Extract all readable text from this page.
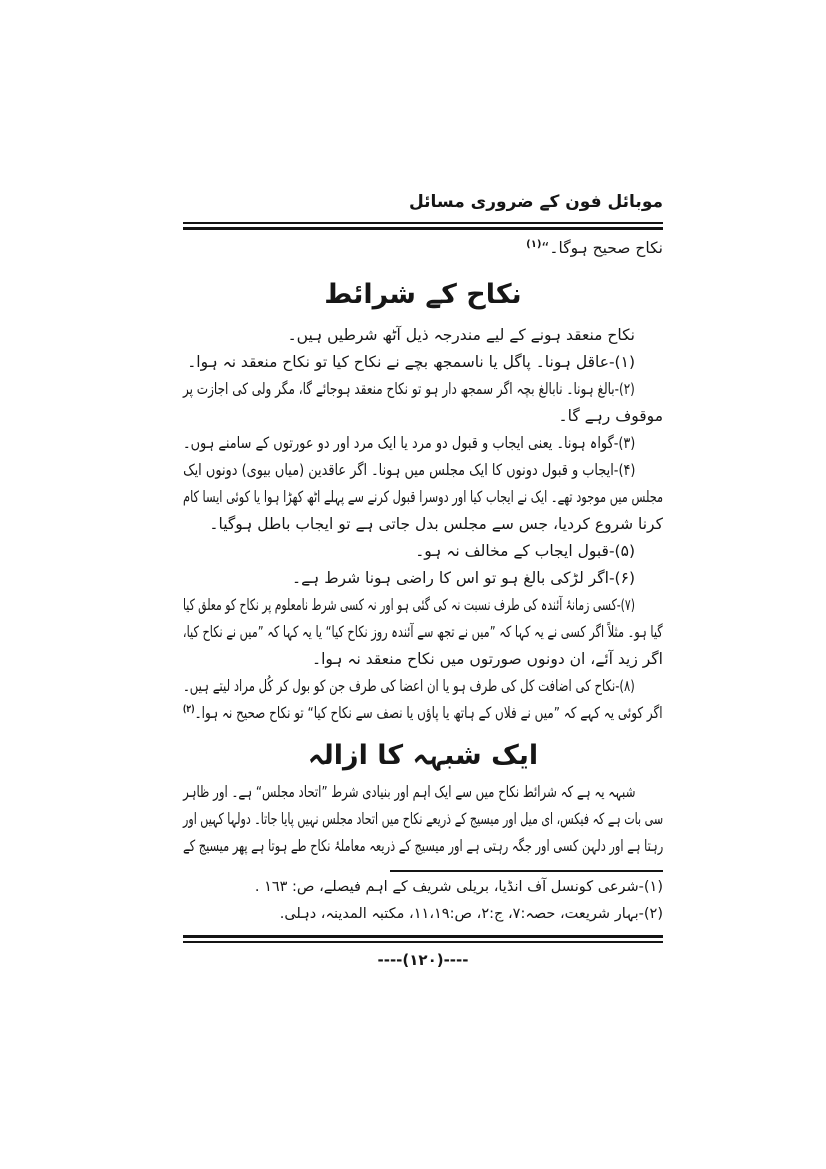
موبائل فون کے ضروری مسائل
نکاح صحیح ہوگا۔“$^{(۱)}$
نکاح کے شرائط
نکاح منعقد ہونے کے لیے مندرجہ ذیل آٹھ شرطیں ہیں۔
(۱)-عاقل ہونا۔ پاگل یا ناسمجھ بچے نے نکاح کیا تو نکاح منعقد نہ ہوا۔
(۲)-بالغ ہونا۔ نابالغ بچہ اگر سمجھ دار ہو تو نکاح منعقد ہوجائے گا، مگر ولی کی اجازت پر
موقوف رہے گا۔
(۳)-گواہ ہونا۔ یعنی ایجاب و قبول دو مرد یا ایک مرد اور دو عورتوں کے سامنے ہوں۔
(۴)-ایجاب و قبول دونوں کا ایک مجلس میں ہونا۔ اگر عاقدین (میاں بیوی) دونوں ایک
مجلس میں موجود تھے۔ ایک نے ایجاب کیا اور دوسرا قبول کرنے سے پہلے اٹھ کھڑا ہوا یا کوئی ایسا کام
کرنا شروع کردیا، جس سے مجلس بدل جاتی ہے تو ایجاب باطل ہوگیا۔
(۵)-قبول ایجاب کے مخالف نہ ہو۔
(۶)-اگر لڑکی بالغ ہو تو اس کا راضی ہونا شرط ہے۔
(۷)-کسی زمانۂ آئندہ کی طرف نسبت نہ کی گئی ہو اور نہ کسی شرط نامعلوم پر نکاح کو معلق کیا
گیا ہو۔ مثلاً اگر کسی نے یہ کہا کہ ”میں نے تجھ سے آئندہ روز نکاح کیا“ یا یہ کہا کہ ”میں نے نکاح کیا،
اگر زید آئے، ان دونوں صورتوں میں نکاح منعقد نہ ہوا۔
(۸)-نکاح کی اضافت کل کی طرف ہو یا ان اعضا کی طرف جن کو بول کر کُل مراد لیتے ہیں۔
اگر کوئی یہ کہے کہ ”میں نے فلاں کے ہاتھ یا پاؤں یا نصف سے نکاح کیا“ تو نکاح صحیح نہ ہوا۔$^{(۲)}$
ایک شبہہ کا ازالہ
شبہہ یہ ہے کہ شرائط نکاح میں سے ایک اہم اور بنیادی شرط ”اتحاد مجلس“ ہے۔ اور ظاہر
سی بات ہے کہ فیکس، ای میل اور میسیج کے ذریعے نکاح میں اتحاد مجلس نہیں پایا جاتا۔ دولہا کہیں اور
رہتا ہے اور دلہن کسی اور جگہ رہتی ہے اور میسیج کے ذریعہ معاملۂ نکاح طے ہوتا ہے پھر میسیج کے
(۱)-شرعی کونسل آف انڈیا، بریلی شریف کے اہم فیصلے، ص: ١٦٣ .
(۲)-بہار شریعت، حصہ:۷، ج:۲، ص:۱۱،۱۹، مکتبہ المدینہ، دہلی.
----(۱۲۰)----
